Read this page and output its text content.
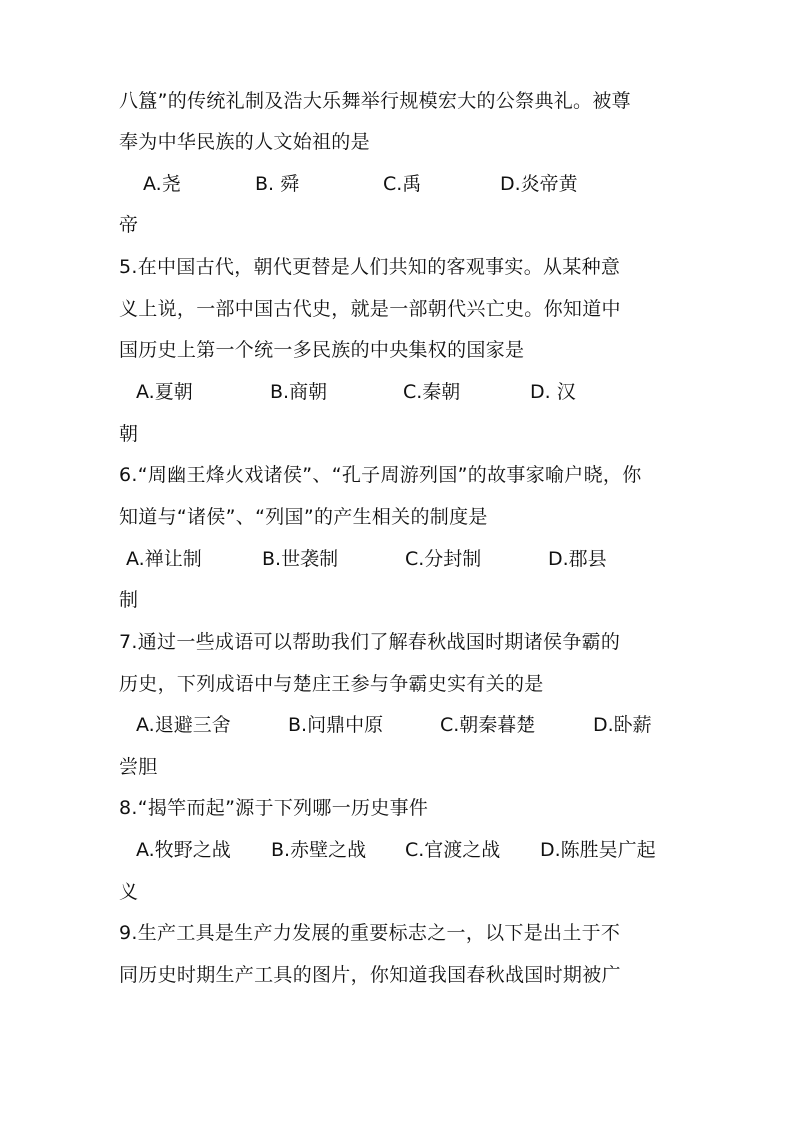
八簋”的传统礼制及浩大乐舞举行规模宏大的公祭典礼。被尊
奉为中华民族的人文始祖的是
A.尧	B. 舜	C.禹	D.炎帝黄
帝
5.在中国古代，朝代更替是人们共知的客观事实。从某种意
义上说，一部中国古代史，就是一部朝代兴亡史。你知道中
国历史上第一个统一多民族的中央集权的国家是
A.夏朝	B.商朝	C.秦朝	D. 汉
朝
6.“周幽王烽火戏诸侯”、“孔子周游列国”的故事家喻户晓，你
知道与“诸侯”、“列国”的产生相关的制度是
A.禅让制	B.世袭制	C.分封制	D.郡县
制
7.通过一些成语可以帮助我们了解春秋战国时期诸侯争霸的
历史，下列成语中与楚庄王参与争霸史实有关的是
A.退避三舍	B.问鼎中原	C.朝秦暮楚	D.卧薪
尝胆
8.“揭竿而起”源于下列哪一历史事件
A.牧野之战 B.赤壁之战 C.官渡之战 D.陈胜吴广起
义
9.生产工具是生产力发展的重要标志之一，以下是出土于不
同历史时期生产工具的图片，你知道我国春秋战国时期被广
